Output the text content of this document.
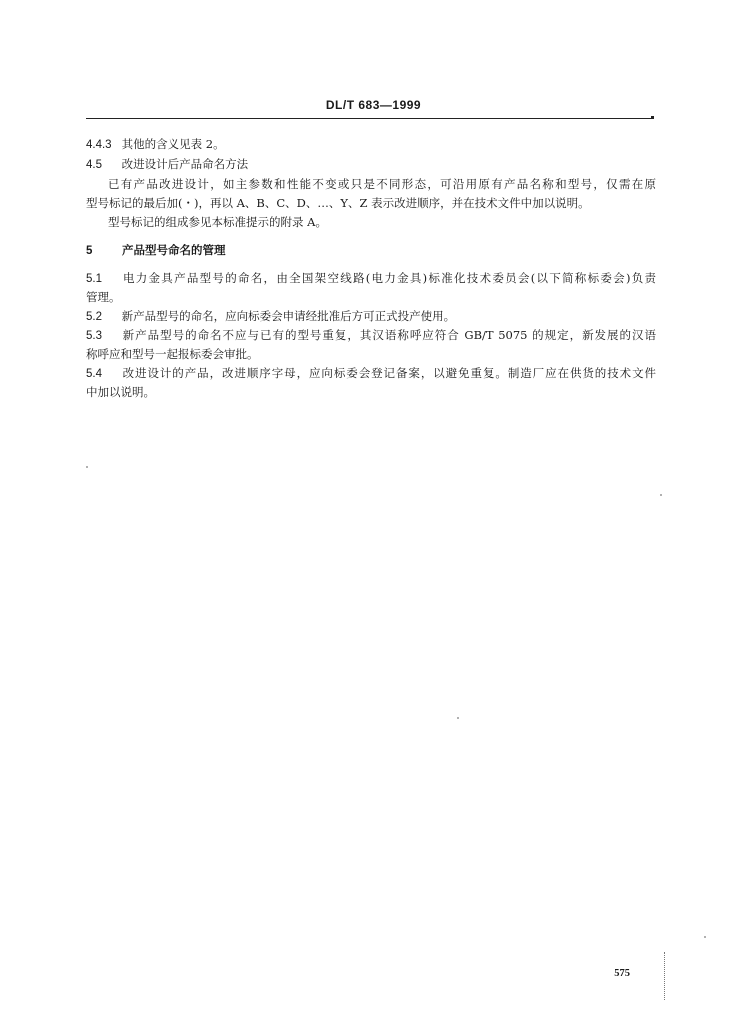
DL/T 683—1999
4.4.3 其他的含义见表 2。
4.5 改进设计后产品命名方法
已有产品改进设计，如主参数和性能不变或只是不同形态，可沿用原有产品名称和型号，仅需在原
型号标记的最后加(・)，再以 A、B、C、D、…、Y、Z 表示改进顺序，并在技术文件中加以说明。
型号标记的组成参见本标准提示的附录 A。
5	产品型号命名的管理
5.1 电力金具产品型号的命名，由全国架空线路(电力金具)标准化技术委员会(以下简称标委会)负责
管理。
5.2 新产品型号的命名，应向标委会申请经批准后方可正式投产使用。
5.3 新产品型号的命名不应与已有的型号重复，其汉语称呼应符合 GB/T 5075 的规定，新发展的汉语
称呼应和型号一起报标委会审批。
5.4 改进设计的产品，改进顺序字母，应向标委会登记备案，以避免重复。制造厂应在供货的技术文件
中加以说明。
575
